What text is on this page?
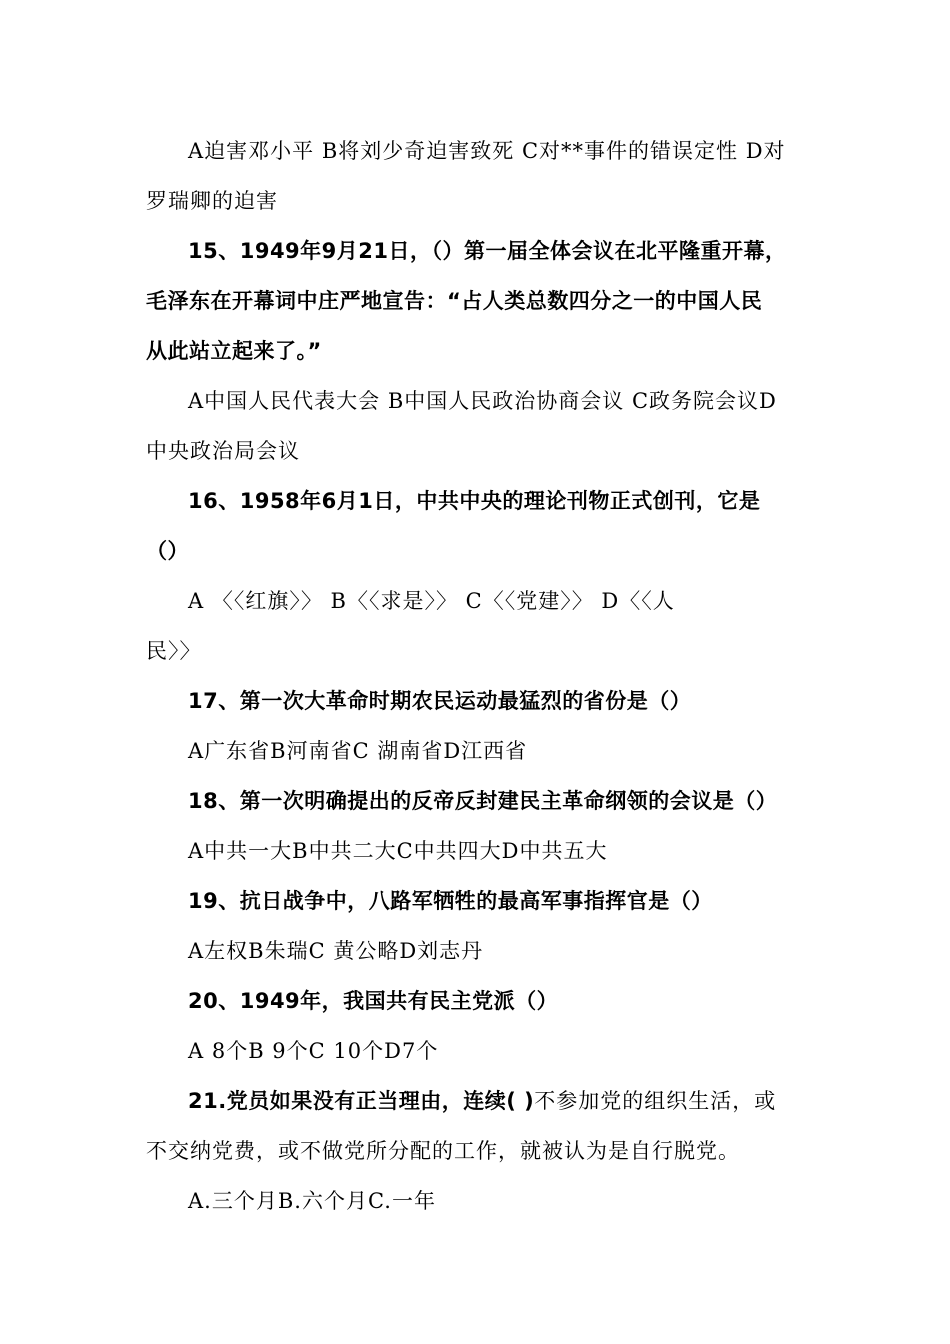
A迫害邓小平 B将刘少奇迫害致死 C对**事件的错误定性 D对
罗瑞卿的迫害
15、1949年9月21日，（）第一届全体会议在北平隆重开幕，
毛泽东在开幕词中庄严地宣告：“占人类总数四分之一的中国人民
从此站立起来了。”
A中国人民代表大会 B中国人民政治协商会议 C政务院会议D
中央政治局会议
16、1958年6月1日，中共中央的理论刊物正式创刊，它是
（）
A 〈〈红旗〉〉 B〈〈求是〉〉 C〈〈党建〉〉 D〈〈人
民〉〉
17、第一次大革命时期农民运动最猛烈的省份是（）
A广东省B河南省C 湖南省D江西省
18、第一次明确提出的反帝反封建民主革命纲领的会议是（）
A中共一大B中共二大C中共四大D中共五大
19、抗日战争中，八路军牺牲的最高军事指挥官是（）
A左权B朱瑞C 黄公略D刘志丹
20、1949年，我国共有民主党派（）
A 8个B 9个C 10个D7个
21.党员如果没有正当理由，连续( )不参加党的组织生活，或
不交纳党费，或不做党所分配的工作，就被认为是自行脱党。
A.三个月B.六个月C.一年
